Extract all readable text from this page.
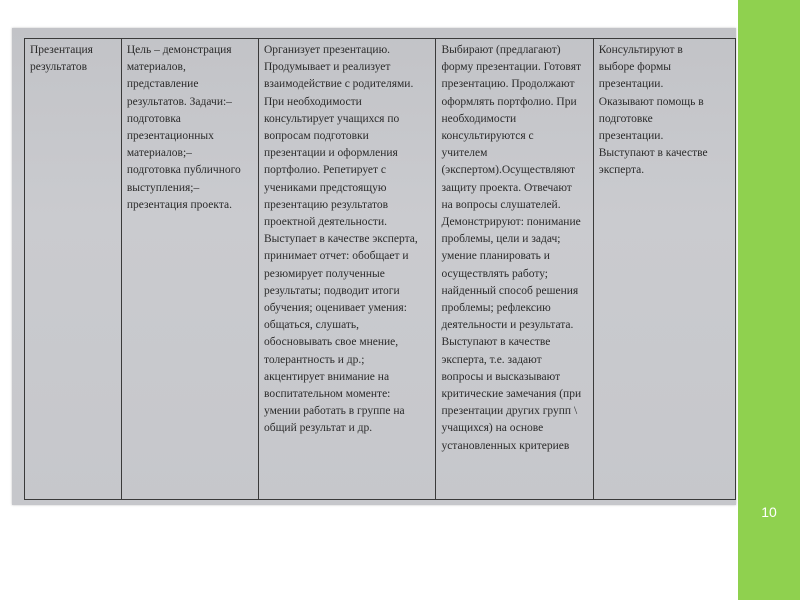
10
Презентация
результатов	Цель – демонстрация
материалов,
представление
результатов. Задачи:–
подготовка
презентационных
материалов;–
подготовка публичного
выступления;–
презентация проекта.	Организует презентацию.
Продумывает и реализует
взаимодействие с родителями.
При необходимости
консультирует учащихся по
вопросам подготовки
презентации и оформления
портфолио. Репетирует с
учениками предстоящую
презентацию результатов
проектной деятельности.
Выступает в качестве эксперта,
принимает отчет: обобщает и
резюмирует полученные
результаты; подводит итоги
обучения; оценивает умения:
общаться, слушать,
обосновывать свое мнение,
толерантность и др.;
акцентирует внимание на
воспитательном моменте:
умении работать в группе на
общий результат и др.	Выбирают (предлагают)
форму презентации. Готовят
презентацию. Продолжают
оформлять портфолио. При
необходимости
консультируются с
учителем
(экспертом).Осуществляют
защиту проекта. Отвечают
на вопросы слушателей.
Демонстрируют: понимание
проблемы, цели и задач;
умение планировать и
осуществлять работу;
найденный способ решения
проблемы; рефлексию
деятельности и результата.
Выступают в качестве
эксперта, т.е. задают
вопросы и высказывают
критические замечания (при
презентации других групп \
учащихся) на основе
установленных критериев	Консультируют в
выборе формы
презентации.
Оказывают помощь в
подготовке
презентации.
Выступают в качестве
эксперта.
